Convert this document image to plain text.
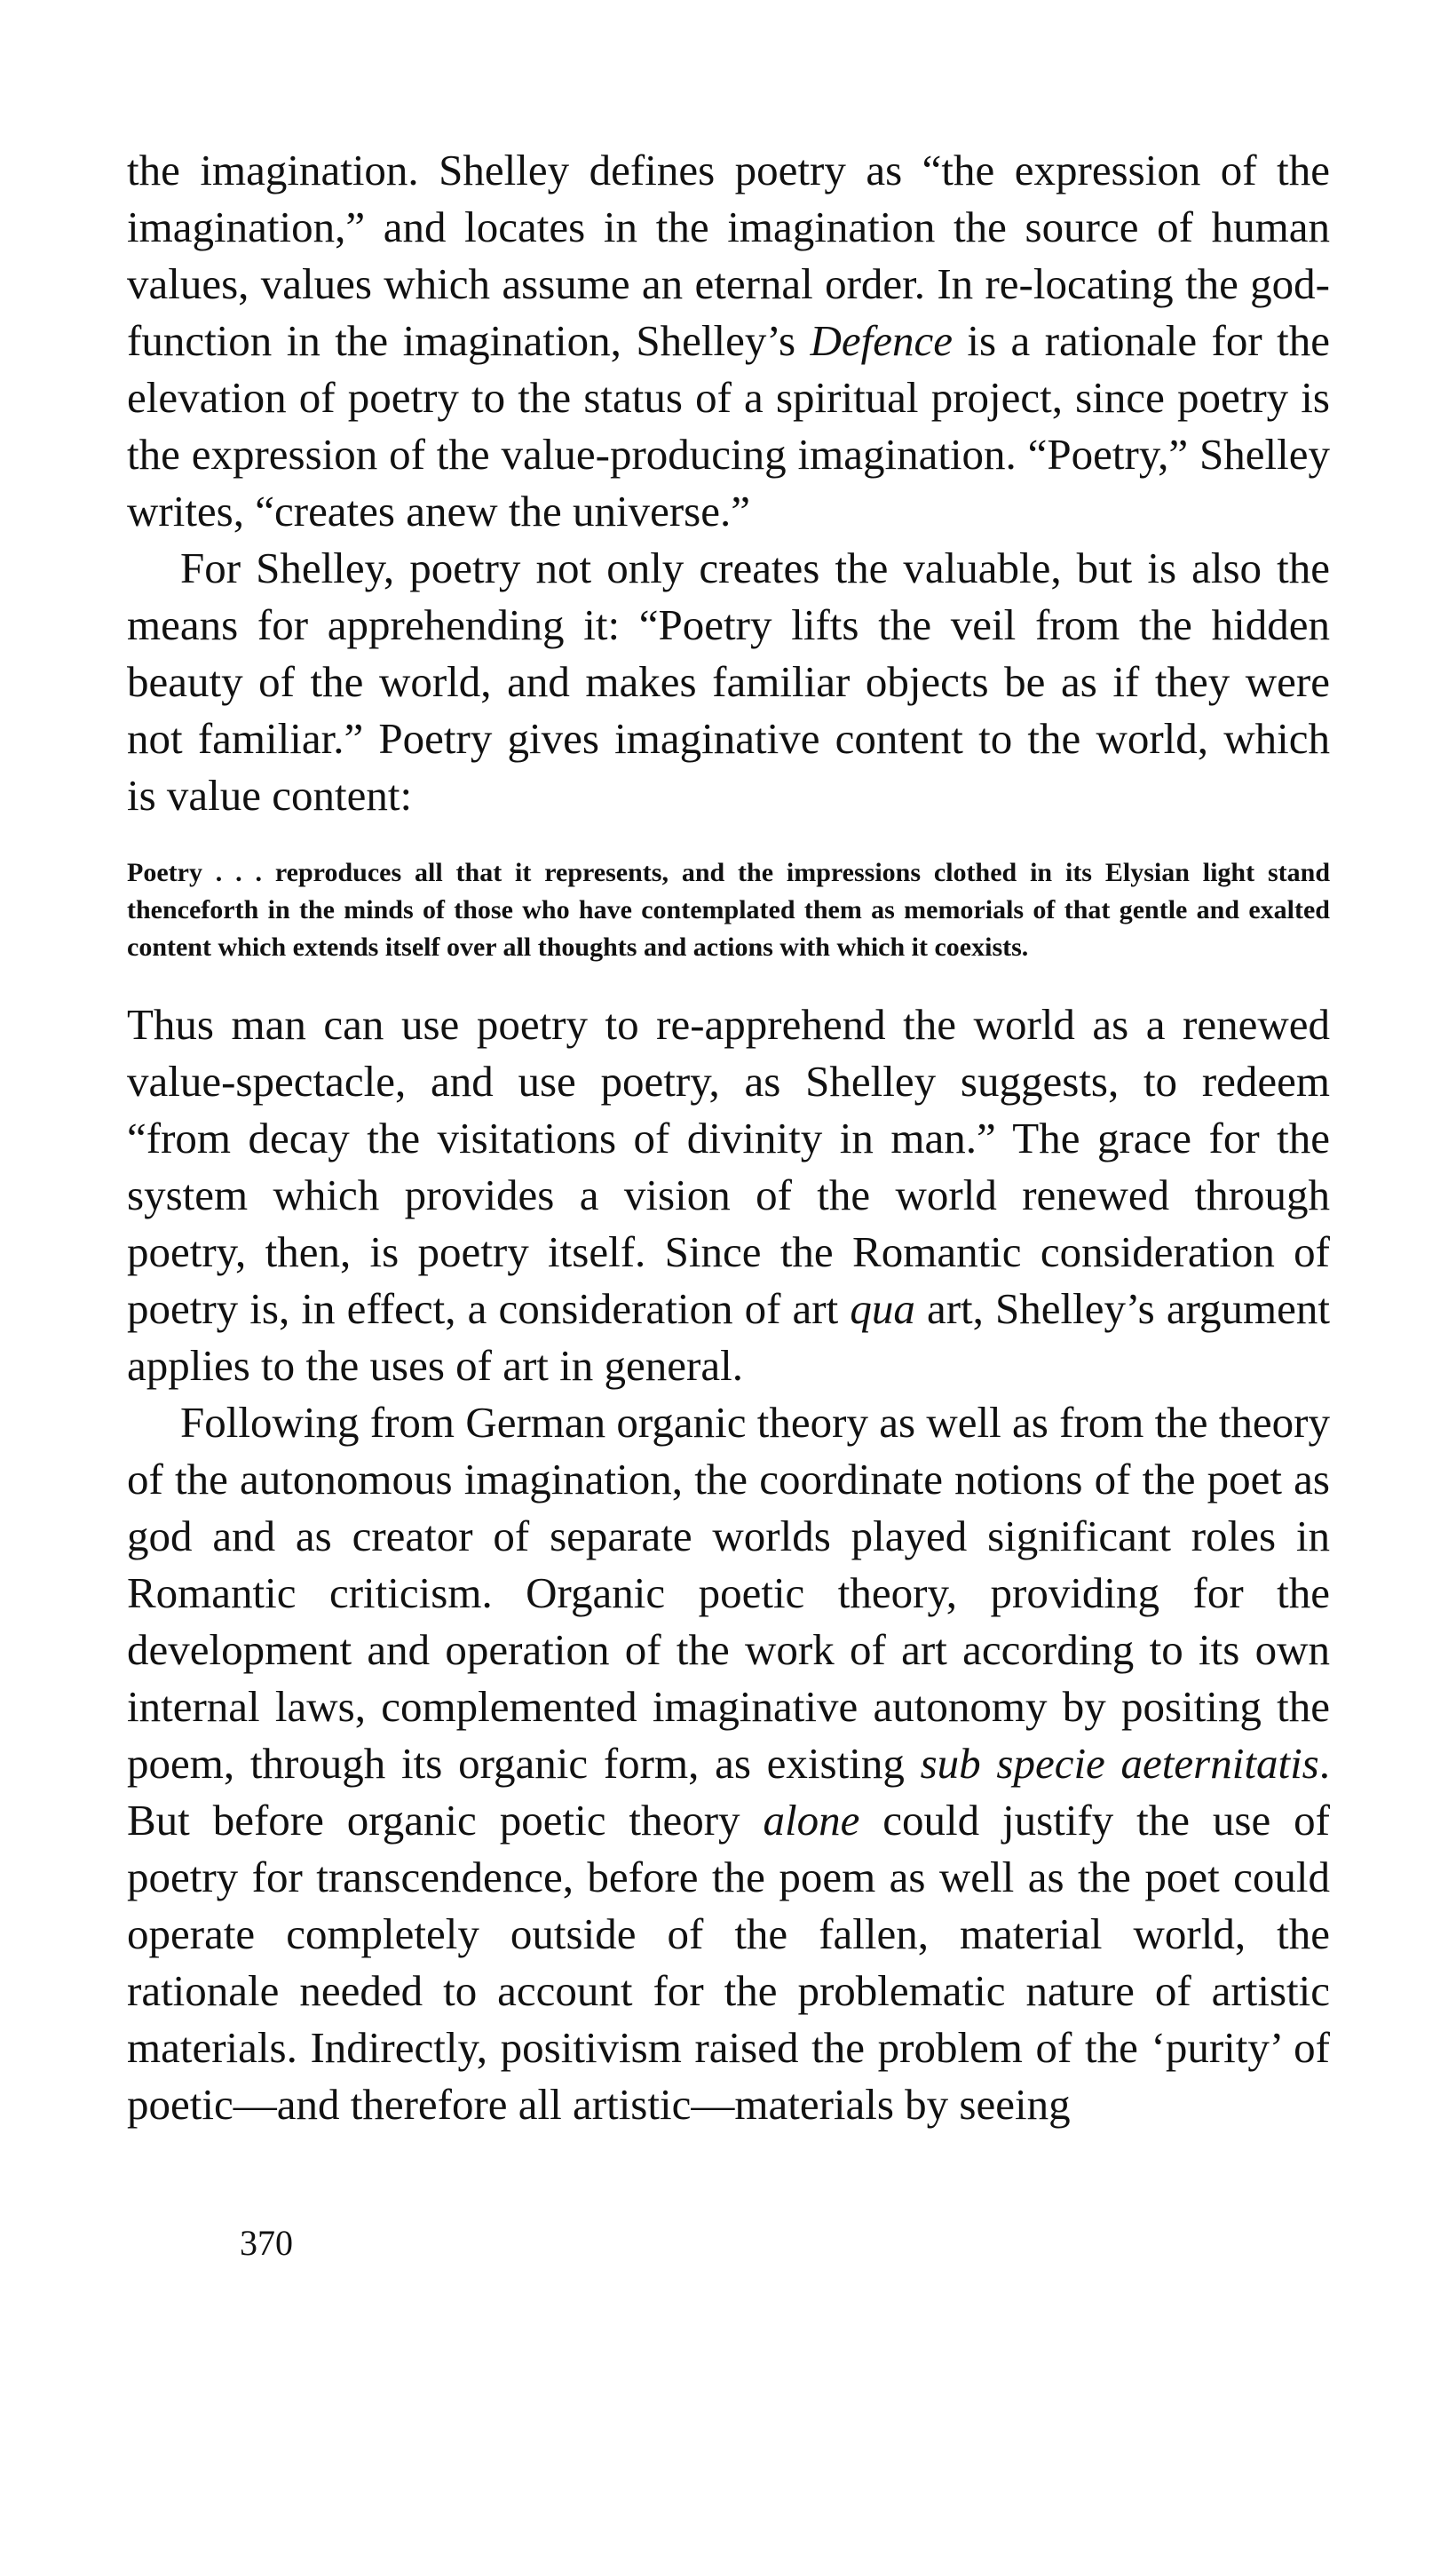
the imagination. Shelley defines poetry as “the expression of the imagination,” and locates in the imagination the source of human values, values which assume an eternal order. In re-locating the god-function in the imagination, Shelley’s Defence is a rationale for the elevation of poetry to the status of a spiritual project, since poetry is the expression of the value-producing imagination. “Poetry,” Shelley writes, “creates anew the universe.”

For Shelley, poetry not only creates the valuable, but is also the means for apprehending it: “Poetry lifts the veil from the hidden beauty of the world, and makes familiar objects be as if they were not familiar.” Poetry gives imaginative content to the world, which is value content:

Poetry . . . reproduces all that it represents, and the impressions clothed in its Elysian light stand thenceforth in the minds of those who have contemplated them as memorials of that gentle and exalted content which extends itself over all thoughts and actions with which it coexists.

Thus man can use poetry to re-apprehend the world as a renewed value-spectacle, and use poetry, as Shelley suggests, to redeem “from decay the visitations of divinity in man.” The grace for the system which provides a vision of the world renewed through poetry, then, is poetry itself. Since the Romantic consideration of poetry is, in effect, a consideration of art qua art, Shelley’s argument applies to the uses of art in general.

Following from German organic theory as well as from the theory of the autonomous imagination, the coordinate notions of the poet as god and as creator of separate worlds played significant roles in Romantic criticism. Organic poetic theory, providing for the development and operation of the work of art according to its own internal laws, complemented imaginative autonomy by positing the poem, through its organic form, as existing sub specie aeternitatis. But before organic poetic theory alone could justify the use of poetry for transcendence, before the poem as well as the poet could operate completely outside of the fallen, material world, the rationale needed to account for the problematic nature of artistic materials. Indirectly, positivism raised the problem of the ‘purity’ of poetic—and therefore all artistic—materials by seeing

370
